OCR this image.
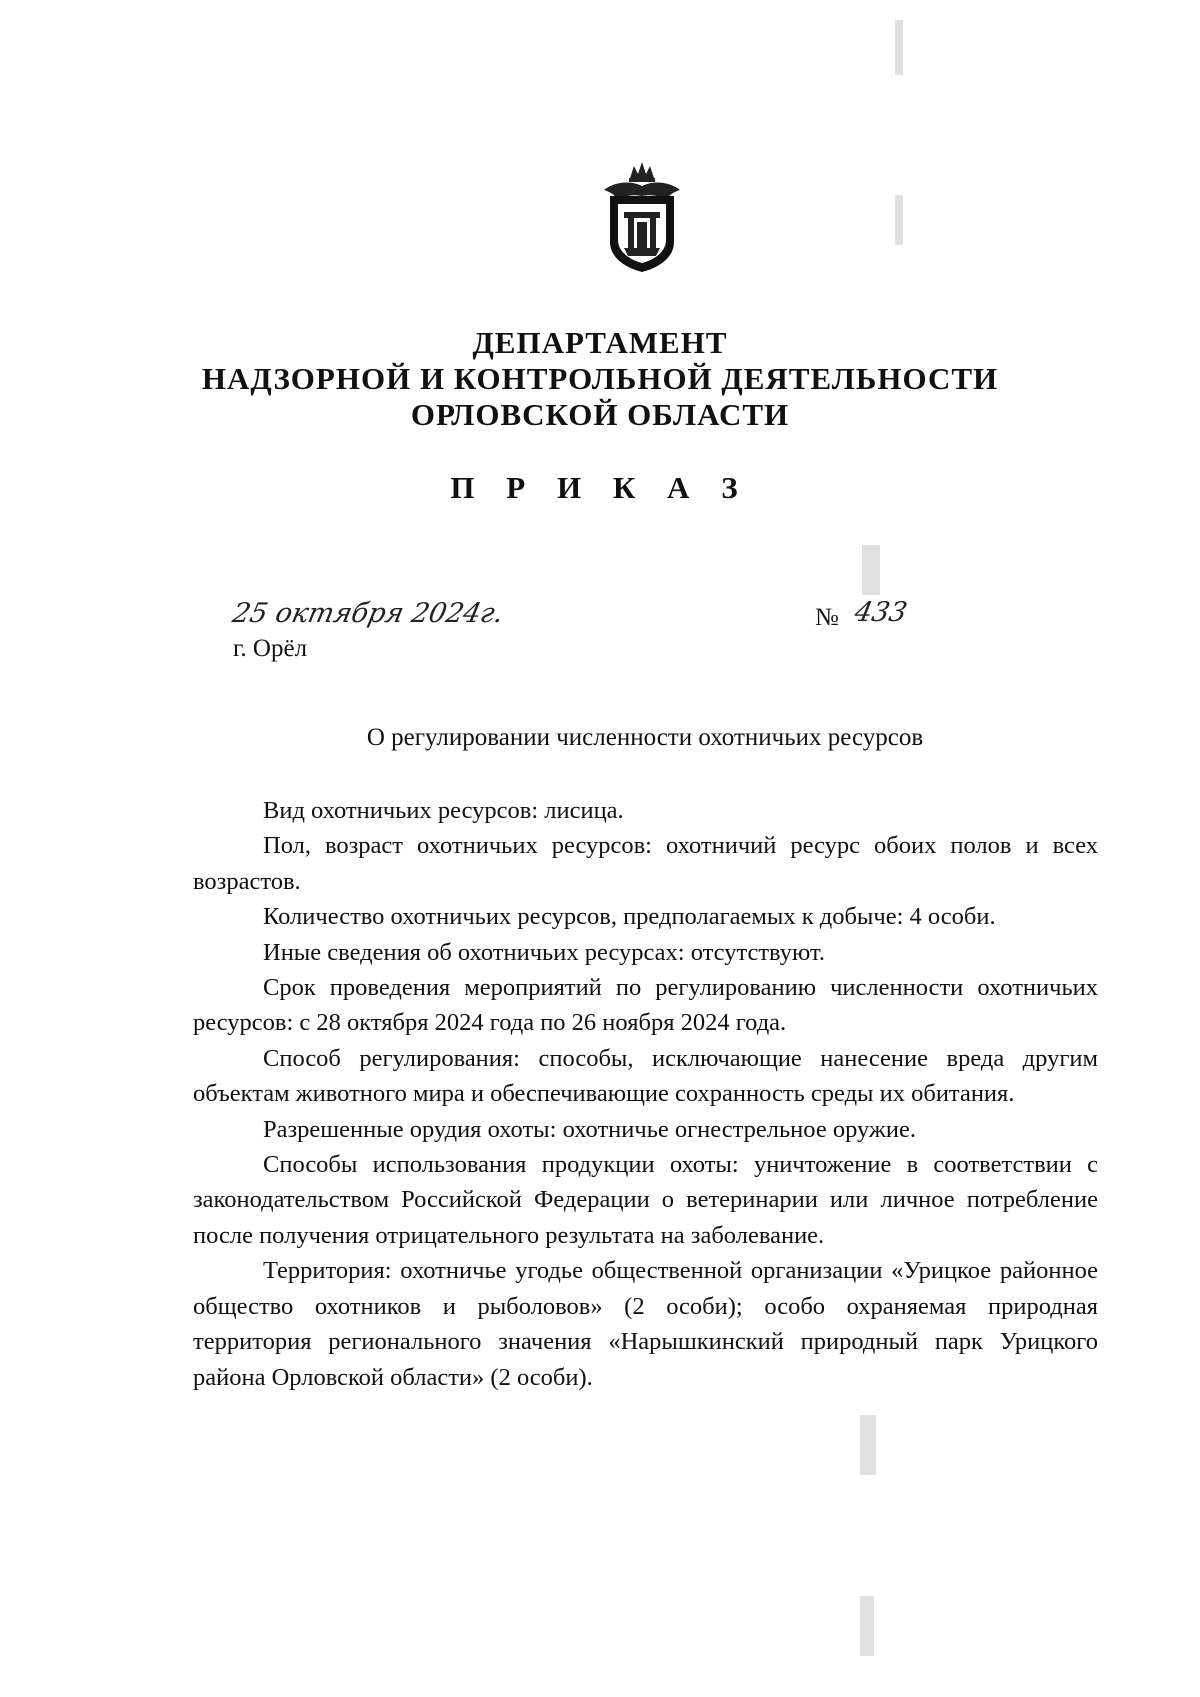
ДЕПАРТАМЕНТ
НАДЗОРНОЙ И КОНТРОЛЬНОЙ ДЕЯТЕЛЬНОСТИ
ОРЛОВСКОЙ ОБЛАСТИ
П Р И К А З
25 октября 2024г.	№ 433
г. Орёл
О регулировании численности охотничьих ресурсов

Вид охотничьих ресурсов: лисица.

Пол, возраст охотничьих ресурсов: охотничий ресурс обоих полов и всех возрастов.

Количество охотничьих ресурсов, предполагаемых к добыче: 4 особи.

Иные сведения об охотничьих ресурсах: отсутствуют.

Срок проведения мероприятий по регулированию численности охотничьих ресурсов: с 28 октября 2024 года по 26 ноября 2024 года.

Способ регулирования: способы, исключающие нанесение вреда другим объектам животного мира и обеспечивающие сохранность среды их обитания.

Разрешенные орудия охоты: охотничье огнестрельное оружие.

Способы использования продукции охоты: уничтожение в соответствии с законодательством Российской Федерации о ветеринарии или личное потребление после получения отрицательного результата на заболевание.

Территория: охотничье угодье общественной организации «Урицкое районное общество охотников и рыболовов» (2 особи); особо охраняемая природная территория регионального значения «Нарышкинский природный парк Урицкого района Орловской области» (2 особи).
